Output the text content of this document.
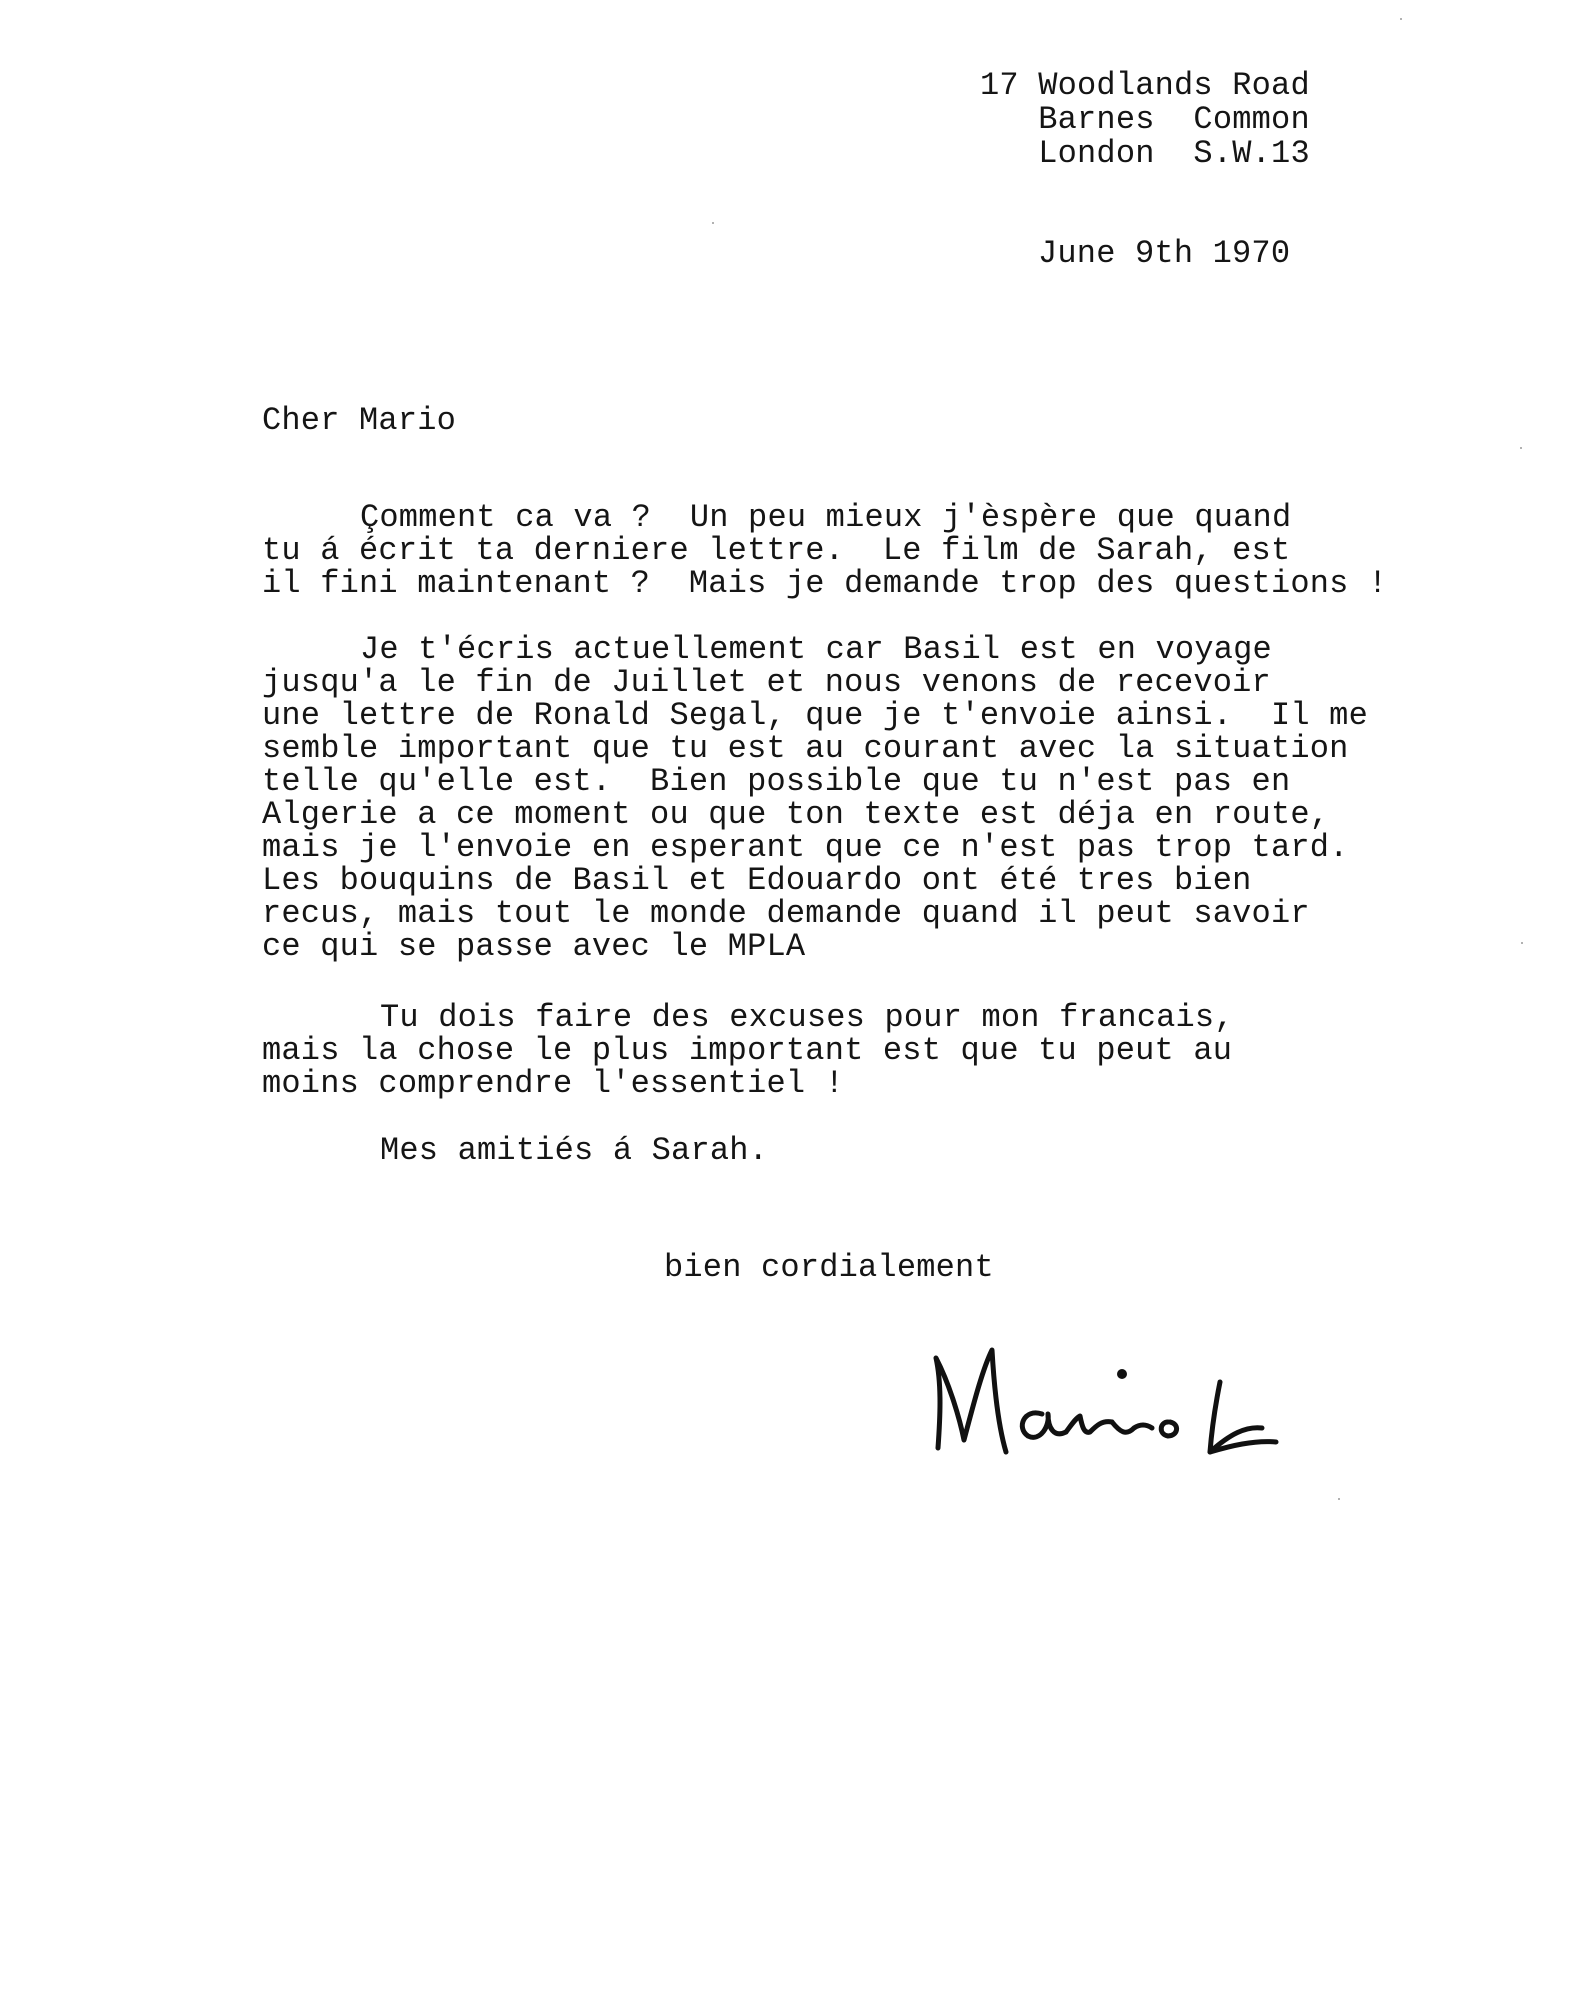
17 Woodlands Road
Barnes  Common
London  S.W.13
June 9th 1970
Cher Mario
Çomment ca va ?  Un peu mieux j'èspère que quand
tu á écrit ta derniere lettre.  Le film de Sarah, est
il fini maintenant ?  Mais je demande trop des questions !
Je t'écris actuellement car Basil est en voyage
jusqu'a le fin de Juillet et nous venons de recevoir
une lettre de Ronald Segal, que je t'envoie ainsi.  Il me
semble important que tu est au courant avec la situation
telle qu'elle est.  Bien possible que tu n'est pas en
Algerie a ce moment ou que ton texte est déja en route,
mais je l'envoie en esperant que ce n'est pas trop tard.
Les bouquins de Basil et Edouardo ont été tres bien
recus, mais tout le monde demande quand il peut savoir
ce qui se passe avec le MPLA
Tu dois faire des excuses pour mon francais,
mais la chose le plus important est que tu peut au
moins comprendre l'essentiel !
Mes amitiés á Sarah.
bien cordialement
